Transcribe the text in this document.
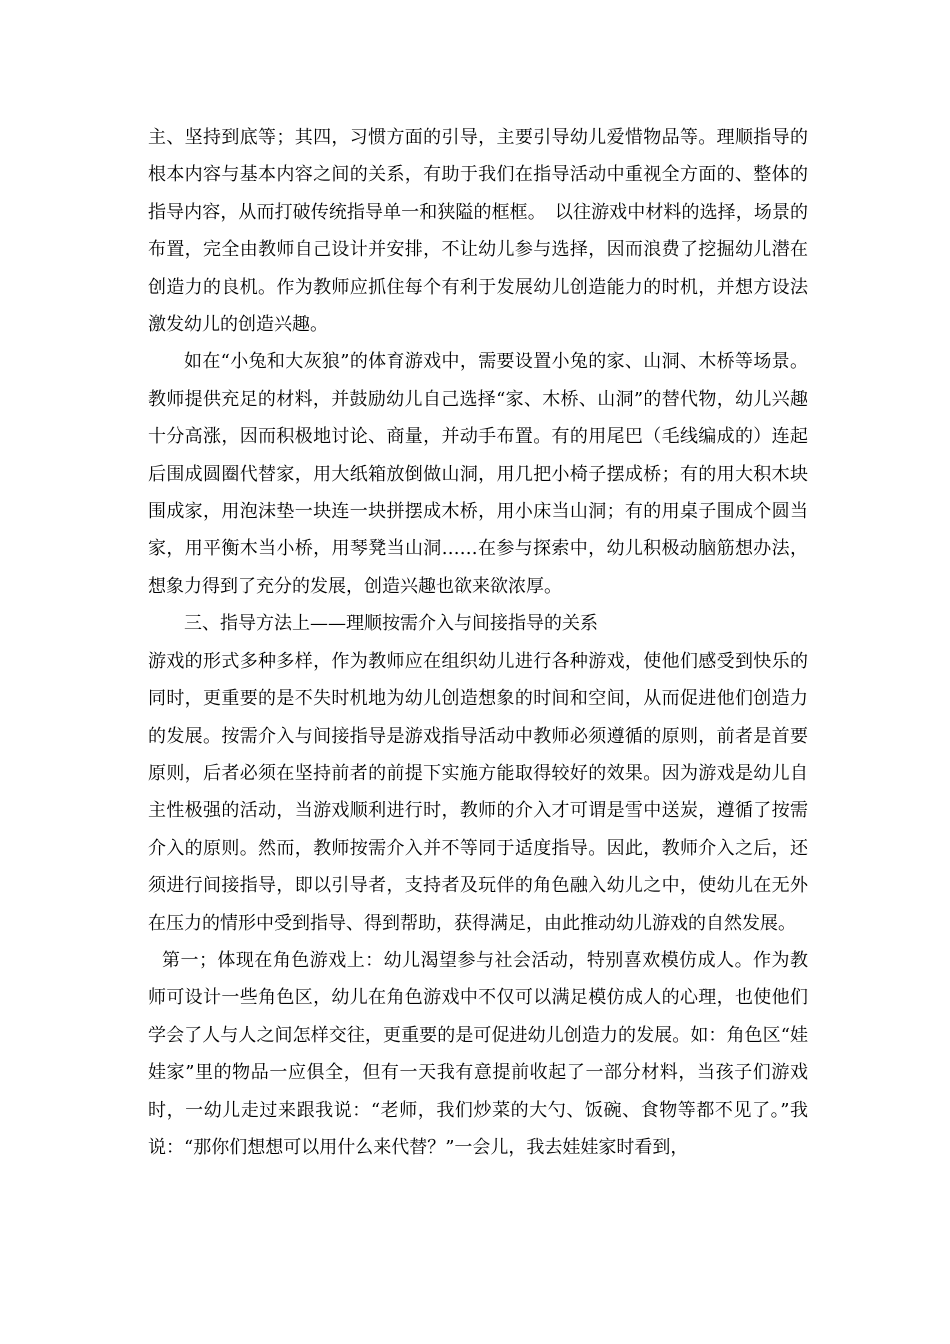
主、坚持到底等；其四，习惯方面的引导，主要引导幼儿爱惜物品等。理顺指导的根本内容与基本内容之间的关系，有助于我们在指导活动中重视全方面的、整体的指导内容，从而打破传统指导单一和狭隘的框框。　以往游戏中材料的选择，场景的布置，完全由教师自己设计并安排，不让幼儿参与选择，因而浪费了挖掘幼儿潜在创造力的良机。作为教师应抓住每个有利于发展幼儿创造能力的时机，并想方设法激发幼儿的创造兴趣。

如在“小兔和大灰狼”的体育游戏中，需要设置小兔的家、山洞、木桥等场景。教师提供充足的材料，并鼓励幼儿自己选择“家、木桥、山洞”的替代物，幼儿兴趣十分高涨，因而积极地讨论、商量，并动手布置。有的用尾巴（毛线编成的）连起后围成圆圈代替家，用大纸箱放倒做山洞，用几把小椅子摆成桥；有的用大积木块围成家，用泡沫垫一块连一块拼摆成木桥，用小床当山洞；有的用桌子围成个圆当家，用平衡木当小桥，用琴凳当山洞……在参与探索中，幼儿积极动脑筋想办法，想象力得到了充分的发展，创造兴趣也欲来欲浓厚。

三、指导方法上——理顺按需介入与间接指导的关系

游戏的形式多种多样，作为教师应在组织幼儿进行各种游戏，使他们感受到快乐的同时，更重要的是不失时机地为幼儿创造想象的时间和空间，从而促进他们创造力的发展。按需介入与间接指导是游戏指导活动中教师必须遵循的原则，前者是首要原则，后者必须在坚持前者的前提下实施方能取得较好的效果。因为游戏是幼儿自主性极强的活动，当游戏顺利进行时，教师的介入才可谓是雪中送炭，遵循了按需介入的原则。然而，教师按需介入并不等同于适度指导。因此，教师介入之后，还须进行间接指导，即以引导者，支持者及玩伴的角色融入幼儿之中，使幼儿在无外在压力的情形中受到指导、得到帮助，获得满足，由此推动幼儿游戏的自然发展。

第一；体现在角色游戏上：幼儿渴望参与社会活动，特别喜欢模仿成人。作为教师可设计一些角色区，幼儿在角色游戏中不仅可以满足模仿成人的心理，也使他们学会了人与人之间怎样交往，更重要的是可促进幼儿创造力的发展。如：角色区“娃娃家”里的物品一应俱全，但有一天我有意提前收起了一部分材料，当孩子们游戏时，一幼儿走过来跟我说：“老师，我们炒菜的大勺、饭碗、食物等都不见了。”我说：“那你们想想可以用什么来代替？”一会儿，我去娃娃家时看到，
